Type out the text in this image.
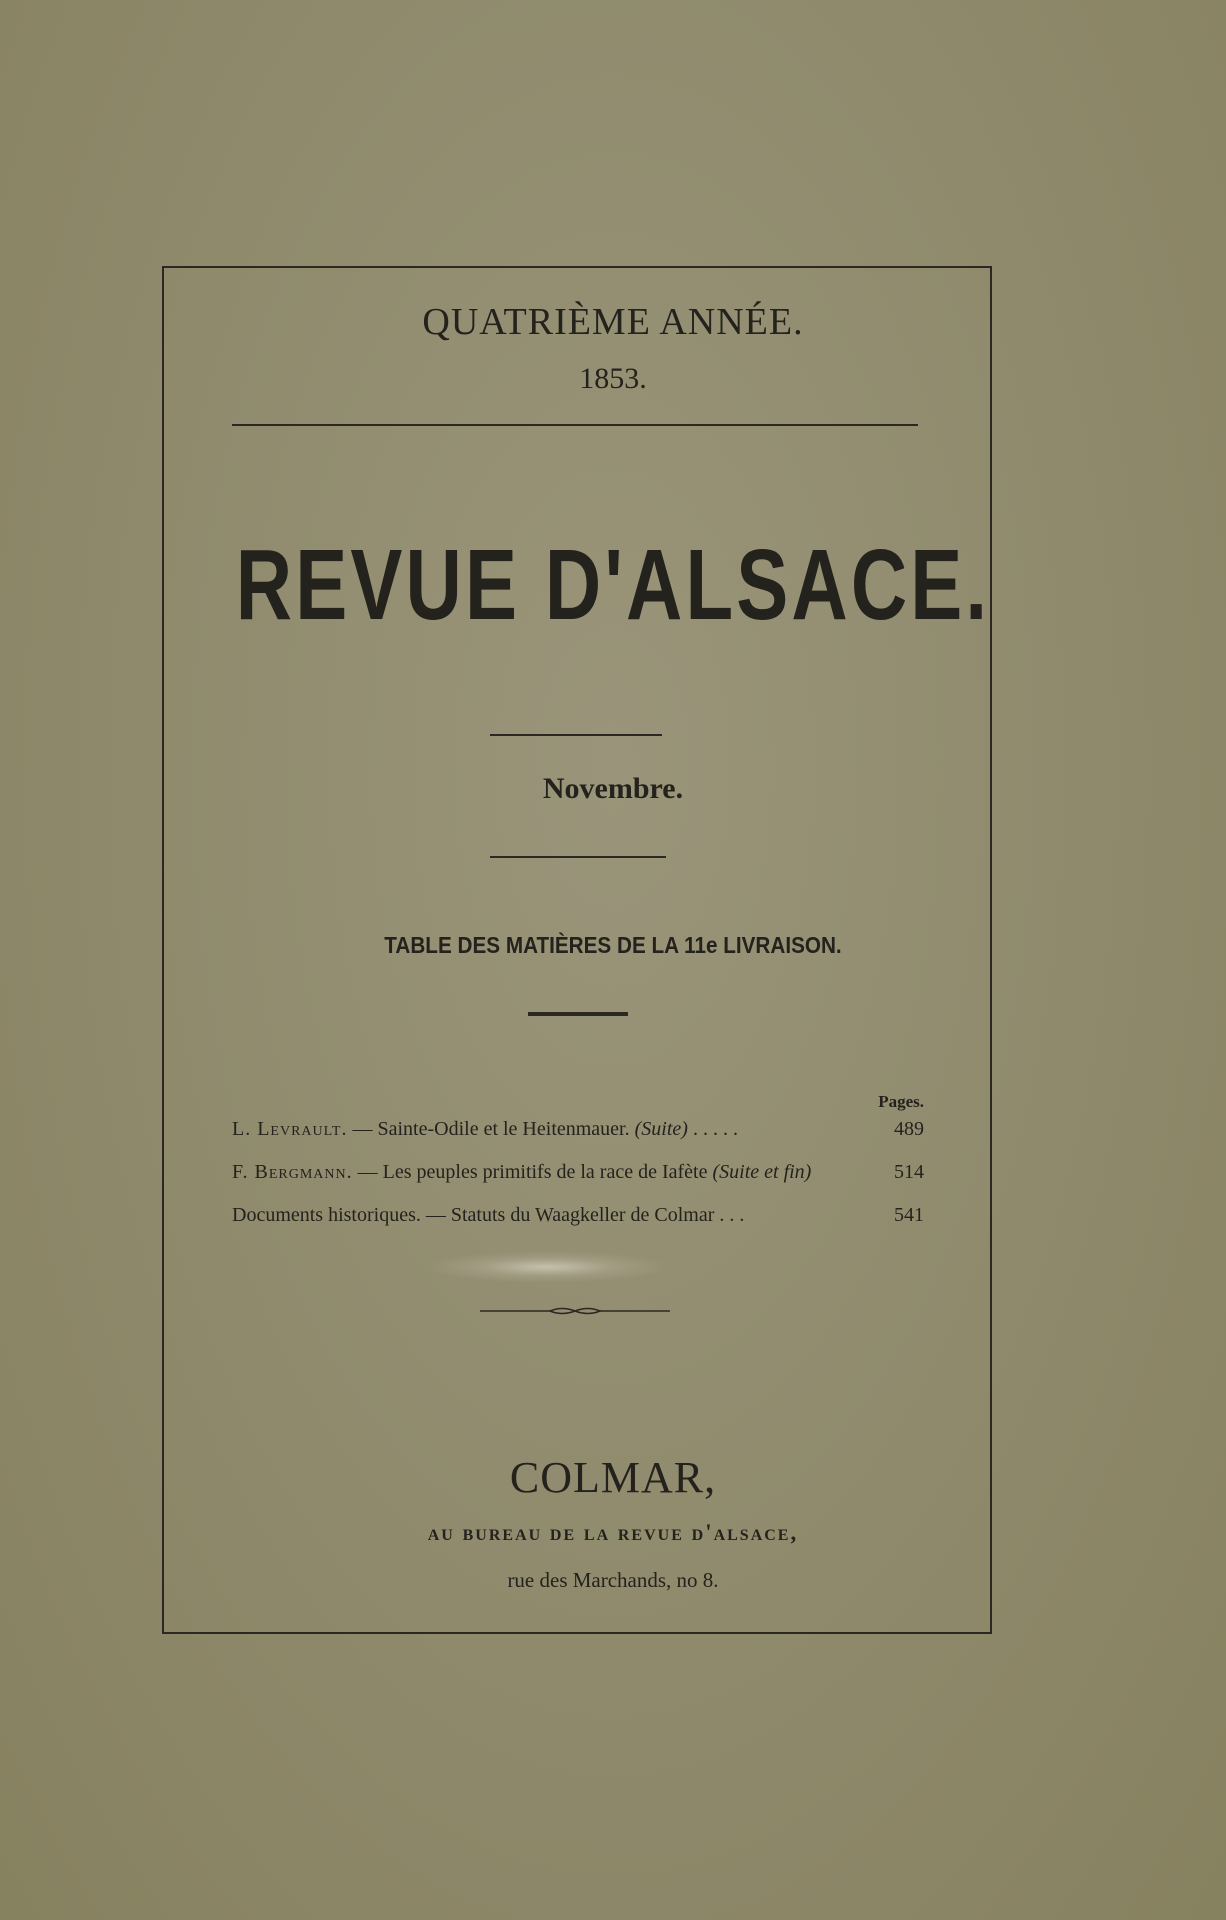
QUATRIÈME ANNÉE.
1853.
REVUE D'ALSACE.
Novembre.
TABLE DES MATIÈRES DE LA 11e LIVRAISON.
Pages.
L. Levrault. — Sainte-Odile et le Heitenmauer. (Suite) . . . . .	489
F. Bergmann. — Les peuples primitifs de la race de Iafète (Suite et fin)	514
Documents historiques. — Statuts du Waagkeller de Colmar . . .	541
COLMAR,
au bureau de la revue d'alsace,
rue des Marchands, no 8.
